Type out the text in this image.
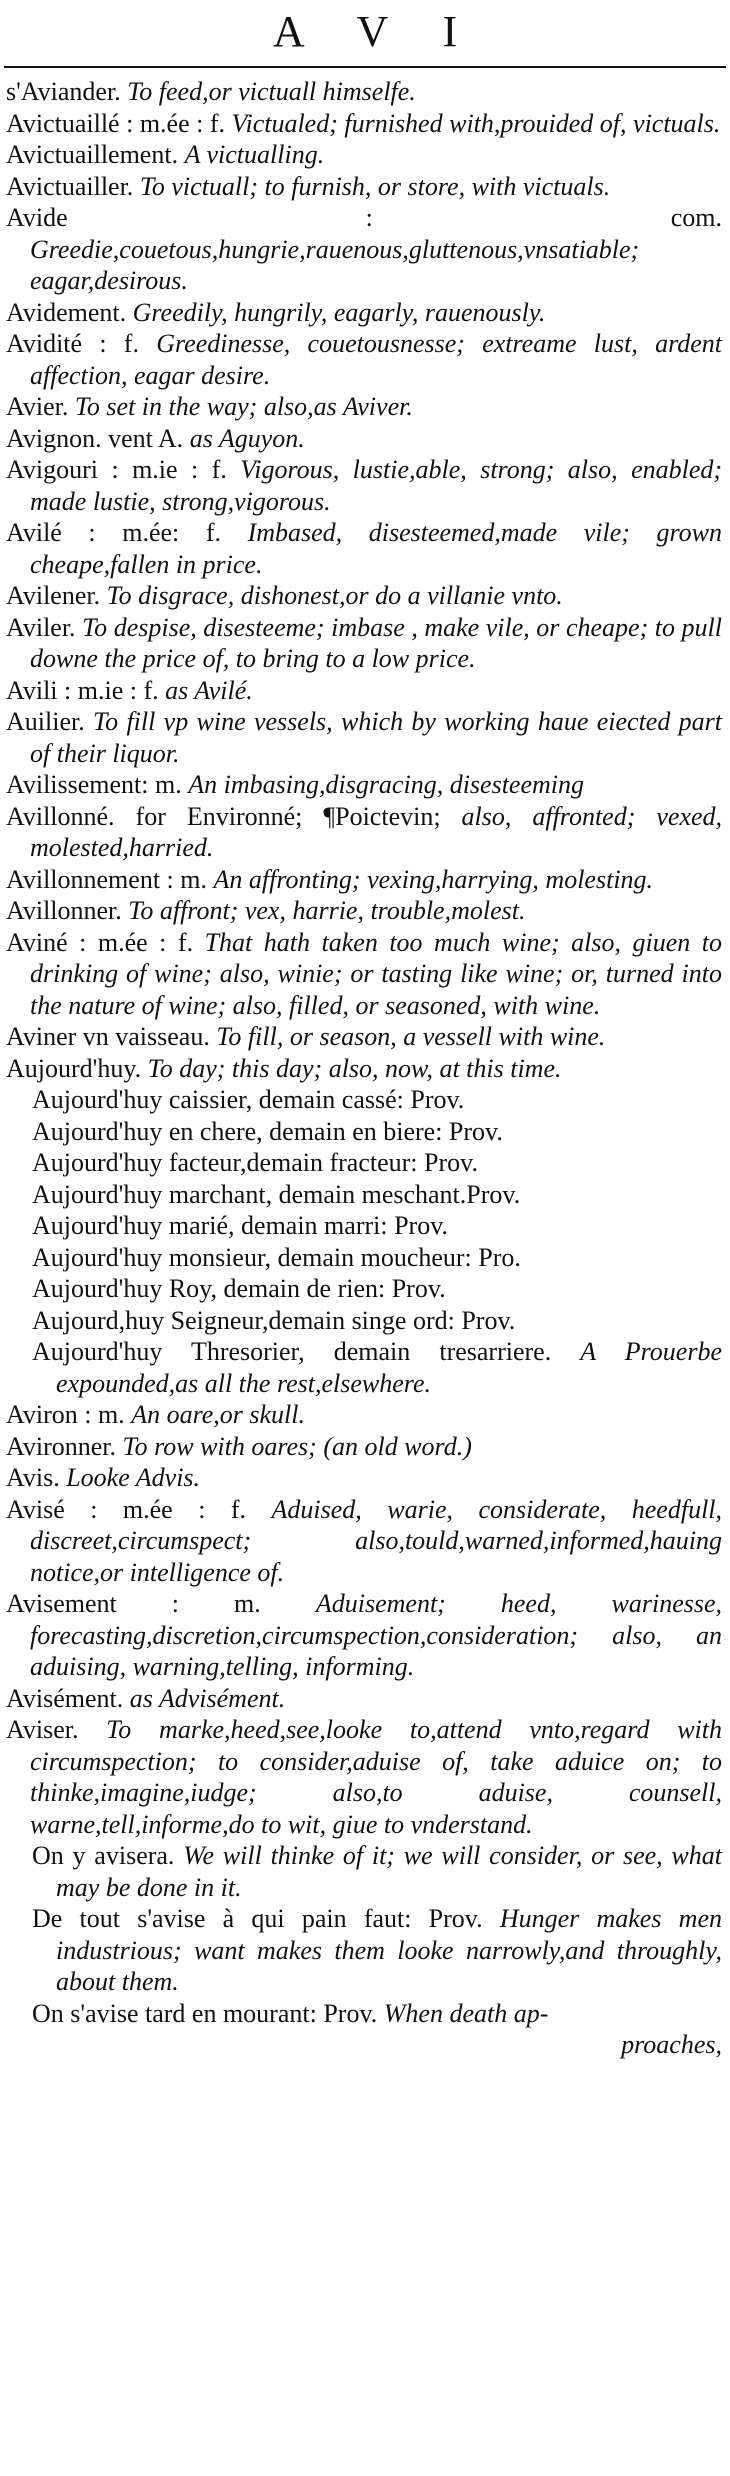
A V I

s'Aviander. To feed,or victuall himselfe.

Avictuaillé : m.ée : f. Victualed; furnished with,prouided of, victuals.

Avictuaillement. A victualling.

Avictuailler. To victuall; to furnish, or store, with victuals.

Avide	: com. Greedie,couetous,hungrie,rauenous,gluttenous,vnsatiable; eagar,desirous.

Avidement. Greedily, hungrily, eagarly, rauenously.

Avidité : f. Greedinesse, couetousnesse; extreame lust, ardent affection, eagar desire.

Avier. To set in the way; also,as Aviver.

Avignon. vent A. as Aguyon.

Avigouri : m.ie : f. Vigorous, lustie,able, strong; also, enabled; made lustie, strong,vigorous.

Avilé : m.ée: f. Imbased, disesteemed,made vile; grown cheape,fallen in price.

Avilener. To disgrace, dishonest,or do a villanie vnto.

Aviler. To despise, disesteeme; imbase , make vile, or cheape; to pull downe the price of, to bring to a low price.

Avili : m.ie : f. as Avilé.

Auilier. To fill vp wine vessels, which by working haue eiected part of their liquor.

Avilissement: m. An imbasing,disgracing, disesteeming

Avillonné. for Environné; ¶Poictevin; also, affronted; vexed, molested,harried.

Avillonnement : m. An affronting; vexing,harrying, molesting.

Avillonner. To affront; vex, harrie, trouble,molest.

Aviné : m.ée : f. That hath taken too much wine; also, giuen to drinking of wine; also, winie; or tasting like wine; or, turned into the nature of wine; also, filled, or seasoned, with wine.

Aviner vn vaisseau. To fill, or season, a vessell with wine.

Aujourd'huy. To day; this day; also, now, at this time.

Aujourd'huy caissier, demain cassé: Prov.

Aujourd'huy en chere, demain en biere: Prov.

Aujourd'huy facteur,demain fracteur: Prov.

Aujourd'huy marchant, demain meschant.Prov.

Aujourd'huy marié, demain marri: Prov.

Aujourd'huy monsieur, demain moucheur: Pro.

Aujourd'huy Roy, demain de rien: Prov.

Aujourd,huy Seigneur,demain singe ord: Prov.

Aujourd'huy Thresorier, demain tresarriere. A Prouerbe expounded,as all the rest,elsewhere.

Aviron : m. An oare,or skull.

Avironner. To row with oares; (an old word.)

Avis. Looke Advis.

Avisé : m.ée : f. Aduised, warie, considerate, heedfull, discreet,circumspect; also,tould,warned,informed,hauing notice,or intelligence of.

Avisement : m. Aduisement; heed, warinesse, forecasting,discretion,circumspection,consideration; also, an aduising, warning,telling, informing.

Avisément. as Advisément.

Aviser. To marke,heed,see,looke to,attend vnto,regard with circumspection; to consider,aduise of, take aduice on; to thinke,imagine,iudge; also,to aduise, counsell, warne,tell,informe,do to wit, giue to vnderstand.

On y avisera. We will thinke of it; we will consider, or see, what may be done in it.

De tout s'avise à qui pain faut: Prov. Hunger makes men industrious; want makes them looke narrowly,and throughly, about them.

On s'avise tard en mourant: Prov. When death ap-

proaches,
